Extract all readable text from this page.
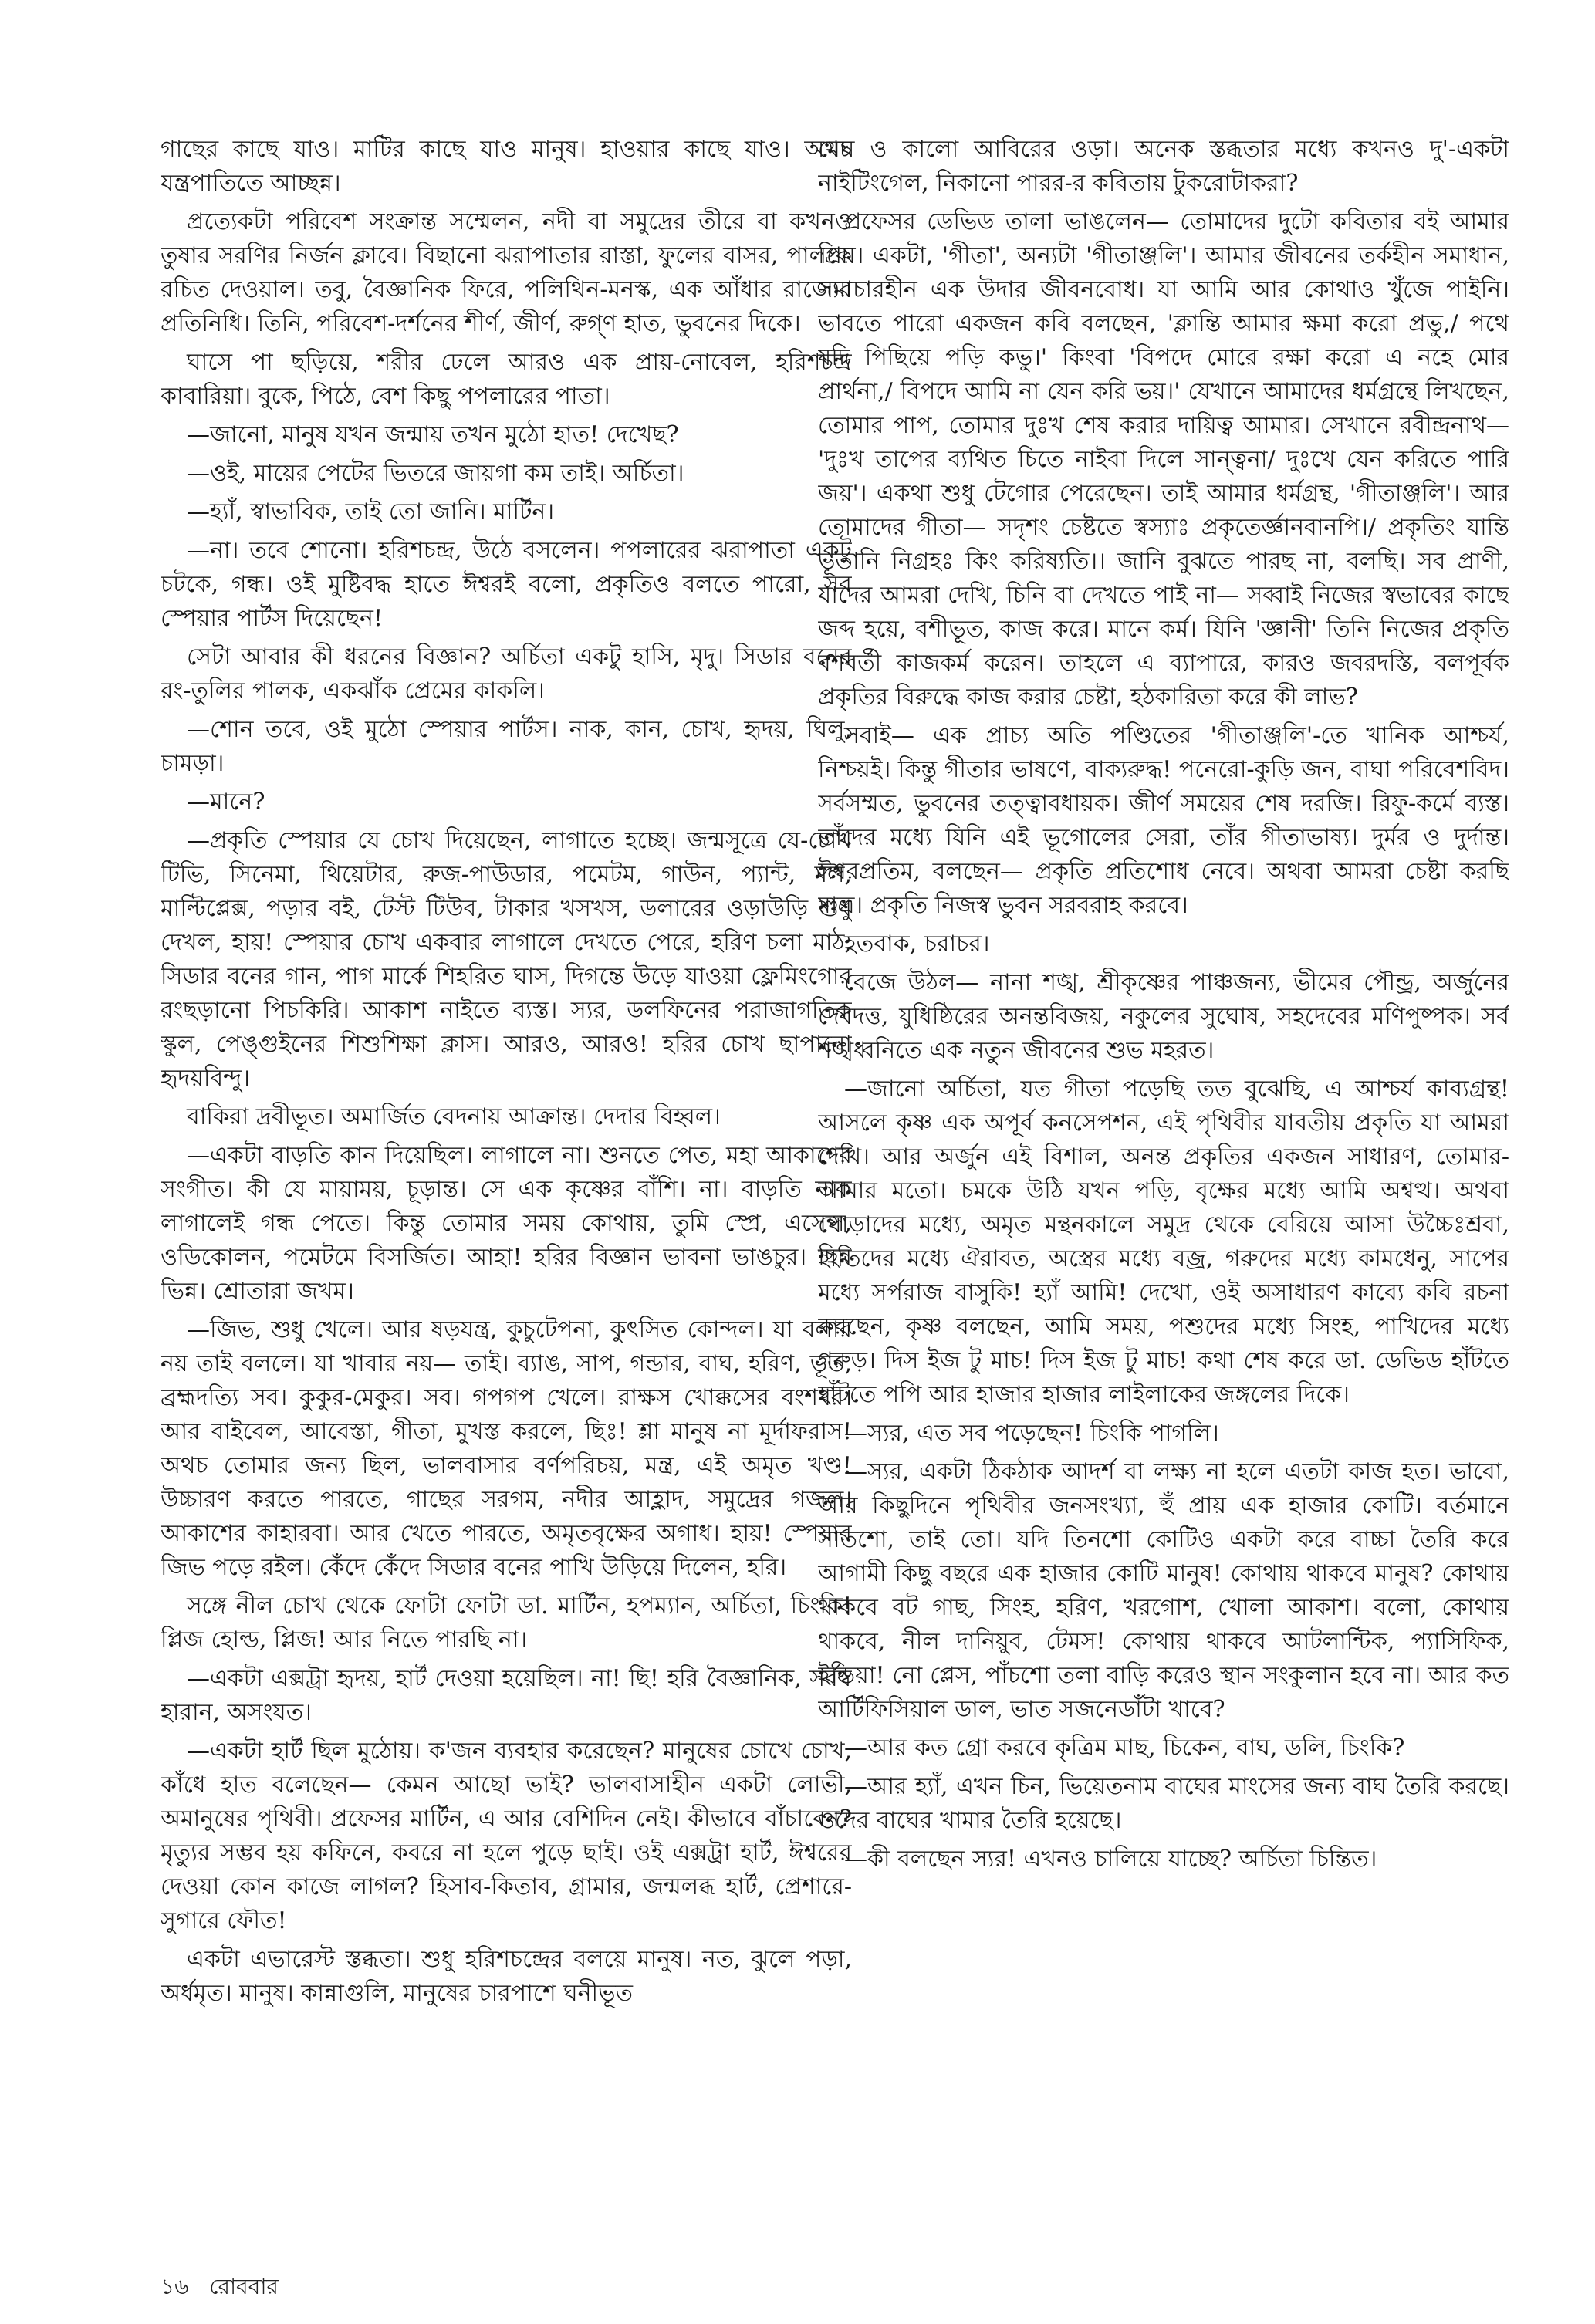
গাছের কাছে যাও। মাটির কাছে যাও মানুষ। হাওয়ার কাছে যাও। অথচ যন্ত্রপাতিতে আচ্ছন্ন।

প্রত্যেকটা পরিবেশ সংক্রান্ত সম্মেলন, নদী বা সমুদ্রের তীরে বা কখনও তুষার সরণির নির্জন ক্লাবে। বিছানো ঝরাপাতার রাস্তা, ফুলের বাসর, পালকে রচিত দেওয়াল। তবু, বৈজ্ঞানিক ফিরে, পলিথিন-মনস্ক, এক আঁধার রাজ্যের প্রতিনিধি। তিনি, পরিবেশ-দর্শনের শীর্ণ, জীর্ণ, রুগ্ণ হাত, ভুবনের দিকে।

ঘাসে পা ছড়িয়ে, শরীর ঢেলে আরও এক প্রায়-নোবেল, হরিশচন্দ্র কাবারিয়া। বুকে, পিঠে, বেশ কিছু পপলারের পাতা।

—জানো, মানুষ যখন জন্মায় তখন মুঠো হাত! দেখেছ?

—ওই, মায়ের পেটের ভিতরে জায়গা কম তাই। অর্চিতা।

—হ্যাঁ, স্বাভাবিক, তাই তো জানি। মার্টিন।

—না। তবে শোনো। হরিশচন্দ্র, উঠে বসলেন। পপলারের ঝরাপাতা একটু চটকে, গন্ধ। ওই মুষ্টিবদ্ধ হাতে ঈশ্বরই বলো, প্রকৃতিও বলতে পারো, সব স্পেয়ার পার্টস দিয়েছেন!

সেটা আবার কী ধরনের বিজ্ঞান? অর্চিতা একটু হাসি, মৃদু। সিডার বনের রং-তুলির পালক, একঝাঁক প্রেমের কাকলি।

—শোন তবে, ওই মুঠো স্পেয়ার পার্টস। নাক, কান, চোখ, হৃদয়, ঘিলু, চামড়া।

—মানে?

—প্রকৃতি স্পেয়ার যে চোখ দিয়েছেন, লাগাতে হচ্ছে। জন্মসূত্রে যে-চোখ টিভি, সিনেমা, থিয়েটার, রুজ-পাউডার, পমেটম, গাউন, প্যান্ট, মল, মাল্টিপ্লেক্স, পড়ার বই, টেস্ট টিউব, টাকার খসখস, ডলারের ওড়াউড়ি শুধু দেখল, হায়! স্পেয়ার চোখ একবার লাগালে দেখতে পেরে, হরিণ চলা মাঠ, সিডার বনের গান, পাগ মার্কে শিহরিত ঘাস, দিগন্তে উড়ে যাওয়া ফ্লেমিংগোর রংছড়ানো পিচকিরি। আকাশ নাইতে ব্যস্ত। স্যর, ডলফিনের পরাজাগতিক স্কুল, পেঙ্গুইনের শিশুশিক্ষা ক্লাস। আরও, আরও! হরির চোখ ছাপানো হৃদয়বিন্দু।

বাকিরা দ্রবীভূত। অমার্জিত বেদনায় আক্রান্ত। দেদার বিহ্বল।

—একটা বাড়তি কান দিয়েছিল। লাগালে না। শুনতে পেত, মহা আকাশের সংগীত। কী যে মায়াময়, চূড়ান্ত। সে এক কৃষ্ণের বাঁশি। না। বাড়তি নাক লাগালেই গন্ধ পেতে। কিন্তু তোমার সময় কোথায়, তুমি স্প্রে, এসেন্স, ওডিকোলন, পমেটমে বিসর্জিত। আহা! হরির বিজ্ঞান ভাবনা ভাঙচুর। ছিন্ন ভিন্ন। শ্রোতারা জখম।

—জিভ, শুধু খেলে। আর ষড়যন্ত্র, কুচুটেপনা, কুৎসিত কোন্দল। যা বলার নয় তাই বললে। যা খাবার নয়— তাই। ব্যাঙ, সাপ, গন্ডার, বাঘ, হরিণ, ভূত, ব্রহ্মদত্যি সব। কুকুর-মেকুর। সব। গপগপ খেলে। রাক্ষস খোক্কসের বংশধর। আর বাইবেল, আবেস্তা, গীতা, মুখস্ত করলে, ছিঃ! শ্লা মানুষ না মূর্দাফরাস! অথচ তোমার জন্য ছিল, ভালবাসার বর্ণপরিচয়, মন্ত্র, এই অমৃত খণ্ড! উচ্চারণ করতে পারতে, গাছের সরগম, নদীর আহ্লাদ, সমুদ্রের গজল। আকাশের কাহারবা। আর খেতে পারতে, অমৃতবৃক্ষের অগাধ। হায়! স্পেয়ার জিভ পড়ে রইল। কেঁদে কেঁদে সিডার বনের পাখি উড়িয়ে দিলেন, হরি।

সঙ্গে নীল চোখ থেকে ফোটা ফোটা ডা. মার্টিন, হপম্যান, অর্চিতা, চিংকি! প্লিজ হোল্ড, প্লিজ! আর নিতে পারছি না।

—একটা এক্সট্রা হৃদয়, হার্ট দেওয়া হয়েছিল। না! ছি! হরি বৈজ্ঞানিক, সর্বস্ব হারান, অসংযত।

—একটা হার্ট ছিল মুঠোয়। ক'জন ব্যবহার করেছেন? মানুষের চোখে চোখ, কাঁধে হাত বলেছেন— কেমন আছো ভাই? ভালবাসাহীন একটা লোভী, অমানুষের পৃথিবী। প্রফেসর মার্টিন, এ আর বেশিদিন নেই। কীভাবে বাঁচাবেন? মৃত্যুর সম্ভব হয় কফিনে, কবরে না হলে পুড়ে ছাই। ওই এক্সট্রা হার্ট, ঈশ্বরের দেওয়া কোন কাজে লাগল? হিসাব-কিতাব, গ্রামার, জন্মলব্ধ হার্ট, প্রেশারে-সুগারে ফৌত!

একটা এভারেস্ট স্তব্ধতা। শুধু হরিশচন্দ্রের বলয়ে মানুষ। নত, ঝুলে পড়া, অর্ধমৃত। মানুষ। কান্নাগুলি, মানুষের চারপাশে ঘনীভূত

মেঘ ও কালো আবিরের ওড়া। অনেক স্তব্ধতার মধ্যে কখনও দু'-একটা নাইটিংগেল, নিকানো পারর-র কবিতায় টুকরোটাকরা?

প্রফেসর ডেভিড তালা ভাঙলেন— তোমাদের দুটো কবিতার বই আমার প্রিয়। একটা, 'গীতা', অন্যটা 'গীতাঞ্জলি'। আমার জীবনের তর্কহীন সমাধান, সমাচারহীন এক উদার জীবনবোধ। যা আমি আর কোথাও খুঁজে পাইনি। ভাবতে পারো একজন কবি বলছেন, 'ক্লান্তি আমার ক্ষমা করো প্রভু,/ পথে যদি পিছিয়ে পড়ি কভু।' কিংবা 'বিপদে মোরে রক্ষা করো এ নহে মোর প্রার্থনা,/ বিপদে আমি না যেন করি ভয়।' যেখানে আমাদের ধর্মগ্রন্থে লিখছেন, তোমার পাপ, তোমার দুঃখ শেষ করার দায়িত্ব আমার। সেখানে রবীন্দ্রনাথ— 'দুঃখ তাপের ব্যথিত চিতে নাইবা দিলে সান্ত্বনা/ দুঃখে যেন করিতে পারি জয়'। একথা শুধু টেগোর পেরেছেন। তাই আমার ধর্মগ্রন্থ, 'গীতাঞ্জলি'। আর তোমাদের গীতা— সদৃশং চেষ্টতে স্বস্যাঃ প্রকৃতের্জ্ঞানবানপি।/ প্রকৃতিং যান্তি ভূতানি নিগ্রহঃ কিং করিষ্যতি।। জানি বুঝতে পারছ না, বলছি। সব প্রাণী, যাদের আমরা দেখি, চিনি বা দেখতে পাই না— সব্বাই নিজের স্বভাবের কাছে জব্দ হয়ে, বশীভূত, কাজ করে। মানে কর্ম। যিনি 'জ্ঞানী' তিনি নিজের প্রকৃতি বশবর্তী কাজকর্ম করেন। তাহলে এ ব্যাপারে, কারও জবরদস্তি, বলপূর্বক প্রকৃতির বিরুদ্ধে কাজ করার চেষ্টা, হঠকারিতা করে কী লাভ?

সবাই— এক প্রাচ্য অতি পণ্ডিতের 'গীতাঞ্জলি'-তে খানিক আশ্চর্য, নিশ্চয়ই। কিন্তু গীতার ভাষণে, বাক্যরুদ্ধ! পনেরো-কুড়ি জন, বাঘা পরিবেশবিদ। সর্বসম্মত, ভুবনের তত্ত্বাবধায়ক। জীর্ণ সময়ের শেষ দরজি। রিফু-কর্মে ব্যস্ত। তাঁদের মধ্যে যিনি এই ভূগোলের সেরা, তাঁর গীতাভাষ্য। দুর্মর ও দুর্দান্ত। ঈশ্বরপ্রতিম, বলছেন— প্রকৃতি প্রতিশোধ নেবে। অথবা আমরা চেষ্টা করছি মাত্র। প্রকৃতি নিজস্ব ভুবন সরবরাহ করবে।

হতবাক, চরাচর।

বেজে উঠল— নানা শঙ্খ, শ্রীকৃষ্ণের পাঞ্চজন্য, ভীমের পৌন্ড্র, অর্জুনের দেবদত্ত, যুধিষ্ঠিরের অনন্তবিজয়, নকুলের সুঘোষ, সহদেবের মণিপুষ্পক। সর্ব শঙ্খধ্বনিতে এক নতুন জীবনের শুভ মহরত।

—জানো অর্চিতা, যত গীতা পড়েছি তত বুঝেছি, এ আশ্চর্য কাব্যগ্রন্থ! আসলে কৃষ্ণ এক অপূর্ব কনসেপশন, এই পৃথিবীর যাবতীয় প্রকৃতি যা আমরা দেখি। আর অর্জুন এই বিশাল, অনন্ত প্রকৃতির একজন সাধারণ, তোমার-আমার মতো। চমকে উঠি যখন পড়ি, বৃক্ষের মধ্যে আমি অশ্বত্থ। অথবা ঘোড়াদের মধ্যে, অমৃত মন্থনকালে সমুদ্র থেকে বেরিয়ে আসা উচ্চৈঃশ্রবা, হাতিদের মধ্যে ঐরাবত, অস্ত্রের মধ্যে বজ্র, গরুদের মধ্যে কামধেনু, সাপের মধ্যে সর্পরাজ বাসুকি! হ্যাঁ আমি! দেখো, ওই অসাধারণ কাব্যে কবি রচনা করছেন, কৃষ্ণ বলছেন, আমি সময়, পশুদের মধ্যে সিংহ, পাখিদের মধ্যে গরুড়। দিস ইজ টু মাচ! দিস ইজ টু মাচ! কথা শেষ করে ডা. ডেভিড হাঁটতে হাঁটতে পপি আর হাজার হাজার লাইলাকের জঙ্গলের দিকে।

—স্যর, এত সব পড়েছেন! চিংকি পাগলি।

—স্যর, একটা ঠিকঠাক আদর্শ বা লক্ষ্য না হলে এতটা কাজ হত। ভাবো, আর কিছুদিনে পৃথিবীর জনসংখ্যা, হুঁ প্রায় এক হাজার কোটি। বর্তমানে সাতশো, তাই তো। যদি তিনশো কোটিও একটা করে বাচ্চা তৈরি করে আগামী কিছু বছরে এক হাজার কোটি মানুষ! কোথায় থাকবে মানুষ? কোথায় থাকবে বট গাছ, সিংহ, হরিণ, খরগোশ, খোলা আকাশ। বলো, কোথায় থাকবে, নীল দানিয়ুব, টেমস! কোথায় থাকবে আটলান্টিক, প্যাসিফিক, ইন্ডিয়া! নো প্লেস, পাঁচশো তলা বাড়ি করেও স্থান সংকুলান হবে না। আর কত আর্টিফিসিয়াল ডাল, ভাত সজনেডাঁটা খাবে?

—আর কত গ্রো করবে কৃত্রিম মাছ, চিকেন, বাঘ, ডলি, চিংকি?

—আর হ্যাঁ, এখন চিন, ভিয়েতনাম বাঘের মাংসের জন্য বাঘ তৈরি করছে। ওদের বাঘের খামার তৈরি হয়েছে।

—কী বলছেন স্যর! এখনও চালিয়ে যাচ্ছে? অর্চিতা চিন্তিত।

১৬ রোববার
